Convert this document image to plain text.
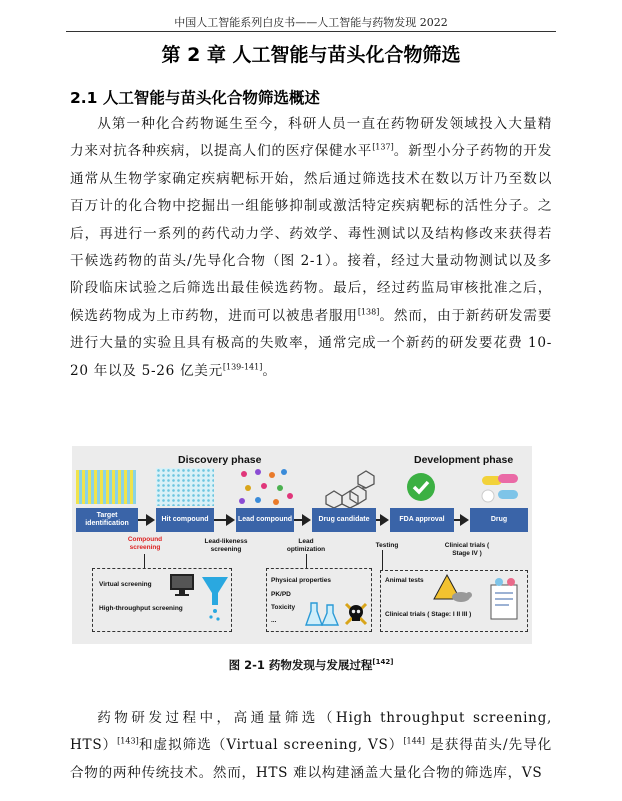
中国人工智能系列白皮书——人工智能与药物发现 2022
第 2 章 人工智能与苗头化合物筛选
2.1 人工智能与苗头化合物筛选概述

从第一种化合药物诞生至今，科研人员一直在药物研发领域投入大量精力来对抗各种疾病，以提高人们的医疗保健水平[137]。新型小分子药物的开发通常从生物学家确定疾病靶标开始，然后通过筛选技术在数以万计乃至数以百万计的化合物中挖掘出一组能够抑制或激活特定疾病靶标的活性分子。之后，再进行一系列的药代动力学、药效学、毒性测试以及结构修改来获得若干候选药物的苗头/先导化合物（图 2-1）。接着，经过大量动物测试以及多阶段临床试验之后筛选出最佳候选药物。最后，经过药监局审核批准之后，候选药物成为上市药物，进而可以被患者服用[138]。然而，由于新药研发需要进行大量的实验且具有极高的失败率，通常完成一个新药的研发要花费 10-20 年以及 5-26 亿美元[139-141]。

Discovery phase	Development phase
Target identification
Hit compound	Lead compound	Drug candidate	FDA approval	Drug
Compound screening
Lead-likeness screening
Lead optimization	Testing	Clinical trials ( Stage IV )
Virtual screening
High-throughput screening
Physical properties
PK/PD
Toxicity
...
Animal tests
Clinical trials ( Stage: I II III )
图 2-1 药物发现与发展过程[142]

药物研发过程中，高通量筛选（High throughput screening, HTS）[143]和虚拟筛选（Virtual screening, VS）[144] 是获得苗头/先导化合物的两种传统技术。然而，HTS 难以构建涵盖大量化合物的筛选库，VS
